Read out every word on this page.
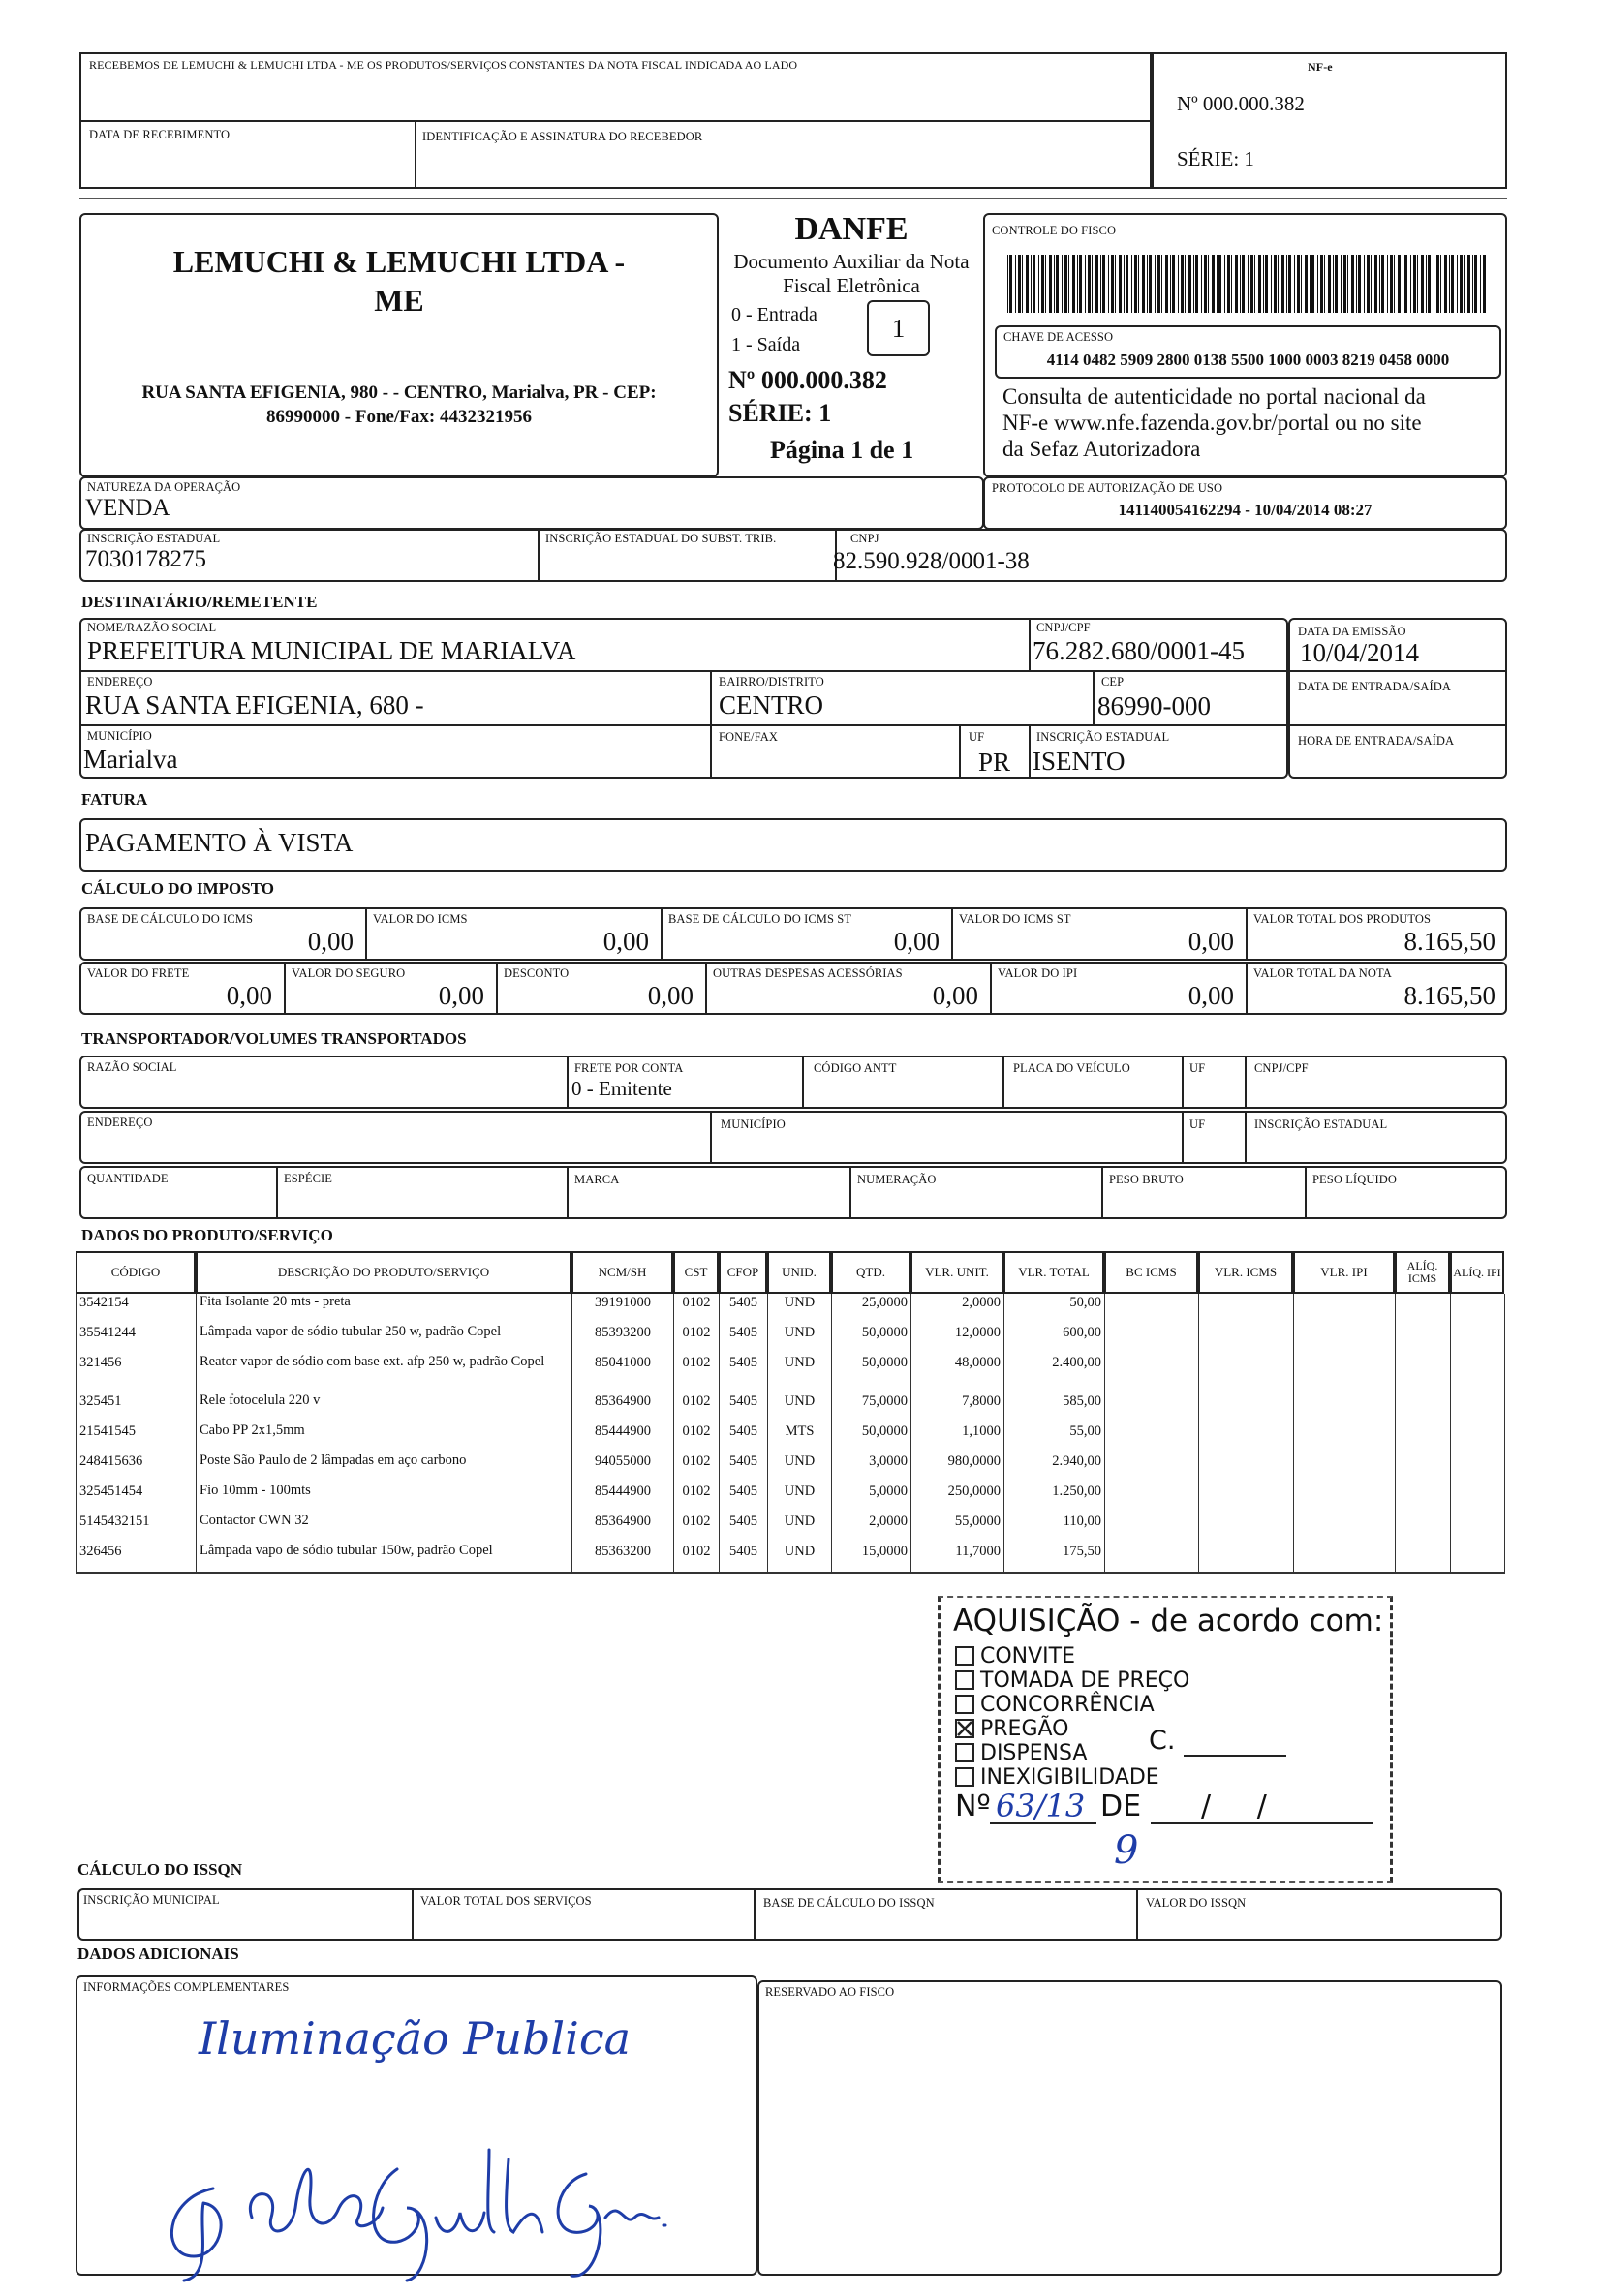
RECEBEMOS DE LEMUCHI & LEMUCHI LTDA - ME OS PRODUTOS/SERVIÇOS CONSTANTES DA NOTA FISCAL INDICADA AO LADO
DATA DE RECEBIMENTO	IDENTIFICAÇÃO E ASSINATURA DO RECEBEDOR
NF-e
Nº 000.000.382
SÉRIE: 1
LEMUCHI & LEMUCHI LTDA -
ME
RUA SANTA EFIGENIA, 980 - - CENTRO, Marialva, PR - CEP:
86990000 - Fone/Fax: 4432321956
DANFE
Documento Auxiliar da Nota
Fiscal Eletrônica
0 - Entrada
1 - Saída
1
Nº 000.000.382
SÉRIE: 1
Página 1 de 1
CONTROLE DO FISCO
CHAVE DE ACESSO
4114 0482 5909 2800 0138 5500 1000 0003 8219 0458 0000
Consulta de autenticidade no portal nacional da
NF-e www.nfe.fazenda.gov.br/portal ou no site
da Sefaz Autorizadora
NATUREZA DA OPERAÇÃO
VENDA
PROTOCOLO DE AUTORIZAÇÃO DE USO
141140054162294 - 10/04/2014 08:27
INSCRIÇÃO ESTADUAL
7030178275
INSCRIÇÃO ESTADUAL DO SUBST. TRIB.	CNPJ
82.590.928/0001-38
DESTINATÁRIO/REMETENTE
NOME/RAZÃO SOCIAL
PREFEITURA MUNICIPAL DE MARIALVA
CNPJ/CPF
76.282.680/0001-45
ENDEREÇO
RUA SANTA EFIGENIA, 680 -
BAIRRO/DISTRITO
CENTRO
CEP
86990-000
MUNICÍPIO
Marialva
FONE/FAX	UF
PR
INSCRIÇÃO ESTADUAL
ISENTO
DATA DA EMISSÃO
10/04/2014
DATA DE ENTRADA/SAÍDA
HORA DE ENTRADA/SAÍDA
FATURA
PAGAMENTO À VISTA
CÁLCULO DO IMPOSTO
BASE DE CÁLCULO DO ICMS
0,00
VALOR DO ICMS
0,00
BASE DE CÁLCULO DO ICMS ST
0,00
VALOR DO ICMS ST
0,00
VALOR TOTAL DOS PRODUTOS
8.165,50
VALOR DO FRETE
0,00
VALOR DO SEGURO
0,00
DESCONTO
0,00
OUTRAS DESPESAS ACESSÓRIAS
0,00
VALOR DO IPI
0,00
VALOR TOTAL DA NOTA
8.165,50
TRANSPORTADOR/VOLUMES TRANSPORTADOS
RAZÃO SOCIAL	FRETE POR CONTA
0 - Emitente
CÓDIGO ANTT	PLACA DO VEÍCULO	UF	CNPJ/CPF
ENDEREÇO	MUNICÍPIO	UF	INSCRIÇÃO ESTADUAL
QUANTIDADE	ESPÉCIE	MARCA	NUMERAÇÃO	PESO BRUTO	PESO LÍQUIDO
DADOS DO PRODUTO/SERVIÇO
CÓDIGO	DESCRIÇÃO DO PRODUTO/SERVIÇO	NCM/SH	CST	CFOP	UNID.	QTD.	VLR. UNIT.	VLR. TOTAL	BC ICMS	VLR. ICMS	VLR. IPI	ALÍQ. ICMS	ALÍQ. IPI
3542154	Fita Isolante 20 mts - preta	39191000	0102	5405	UND	25,0000	2,0000	50,00					
35541244	Lâmpada vapor de sódio tubular 250 w, padrão Copel	85393200	0102	5405	UND	50,0000	12,0000	600,00					
321456	Reator vapor de sódio com base ext. afp 250 w, padrão Copel	85041000	0102	5405	UND	50,0000	48,0000	2.400,00					
325451	Rele fotocelula 220 v	85364900	0102	5405	UND	75,0000	7,8000	585,00					
21541545	Cabo PP 2x1,5mm	85444900	0102	5405	MTS	50,0000	1,1000	55,00					
248415636	Poste São Paulo de 2 lâmpadas em aço carbono	94055000	0102	5405	UND	3,0000	980,0000	2.940,00					
325451454	Fio 10mm - 100mts	85444900	0102	5405	UND	5,0000	250,0000	1.250,00					
5145432151	Contactor CWN 32	85364900	0102	5405	UND	2,0000	55,0000	110,00					
326456	Lâmpada vapo de sódio tubular 150w, padrão Copel	85363200	0102	5405	UND	15,0000	11,7000	175,50					
AQUISIÇÃO - de acordo com:
CONVITE
TOMADA DE PREÇO
CONCORRÊNCIA
PREGÃO
DISPENSA
INEXIGIBILIDADE
C.
Nº 63/13 DE /     /
9
CÁLCULO DO ISSQN
INSCRIÇÃO MUNICIPAL	VALOR TOTAL DOS SERVIÇOS	BASE DE CÁLCULO DO ISSQN	VALOR DO ISSQN
DADOS ADICIONAIS
INFORMAÇÕES COMPLEMENTARES
Iluminação Publica
RESERVADO AO FISCO
